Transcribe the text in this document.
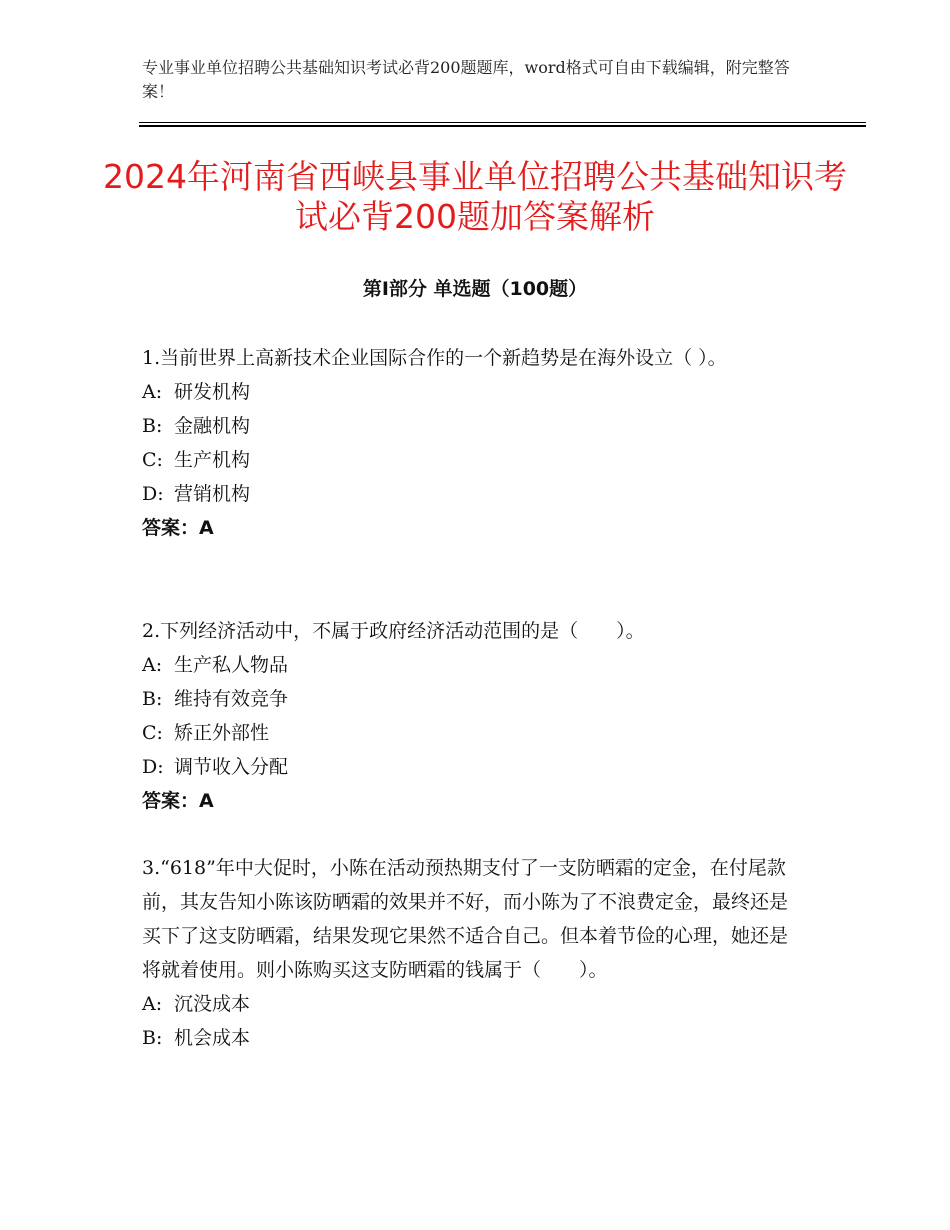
专业事业单位招聘公共基础知识考试必背200题题库，word格式可自由下载编辑，附完整答案！
2024年河南省西峡县事业单位招聘公共基础知识考试必背200题加答案解析
第Ⅰ部分 单选题（100题）

1.当前世界上高新技术企业国际合作的一个新趋势是在海外设立（ ）。

A: 研发机构

B: 金融机构

C: 生产机构

D: 营销机构

答案：A

2.下列经济活动中，不属于政府经济活动范围的是（　　）。

A: 生产私人物品

B: 维持有效竞争

C: 矫正外部性

D: 调节收入分配

答案：A

3.“618”年中大促时，小陈在活动预热期支付了一支防晒霜的定金，在付尾款前，其友告知小陈该防晒霜的效果并不好，而小陈为了不浪费定金，最终还是买下了这支防晒霜，结果发现它果然不适合自己。但本着节俭的心理，她还是将就着使用。则小陈购买这支防晒霜的钱属于（　　）。

A: 沉没成本

B: 机会成本
